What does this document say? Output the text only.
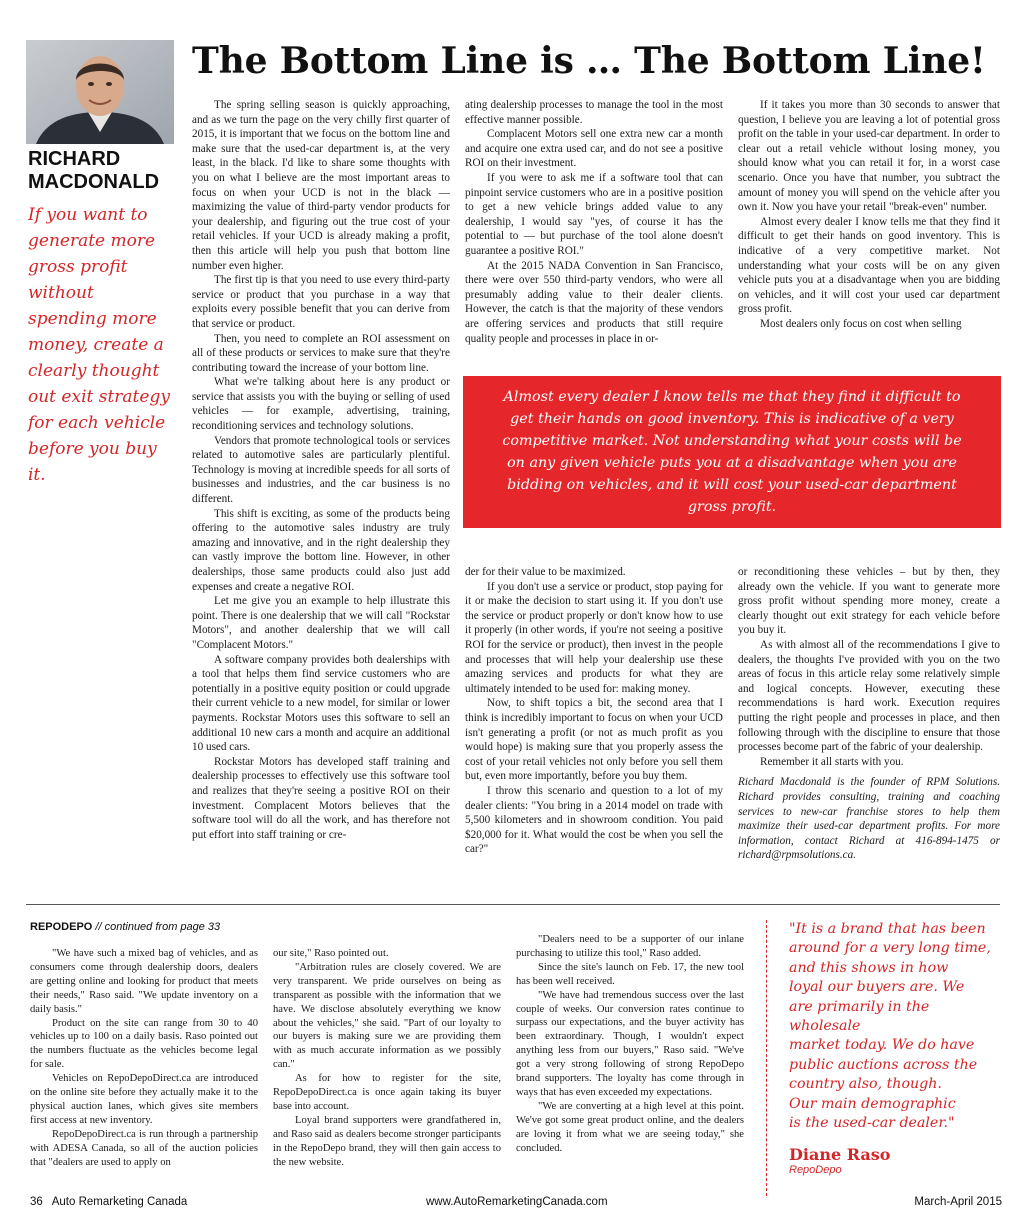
RICHARD MACDONALD
If you want to generate more gross profit without spending more money, create a clearly thought out exit strategy for each vehicle before you buy it.
The Bottom Line is … The Bottom Line!

The spring selling season is quickly approaching, and as we turn the page on the very chilly first quarter of 2015, it is important that we focus on the bottom line and make sure that the used-car department is, at the very least, in the black. I'd like to share some thoughts with you on what I believe are the most important areas to focus on when your UCD is not in the black — maximizing the value of third-party vendor products for your dealership, and figuring out the true cost of your retail vehicles. If your UCD is already making a profit, then this article will help you push that bottom line number even higher.

The first tip is that you need to use every third-party service or product that you purchase in a way that exploits every possible benefit that you can derive from that service or product.

Then, you need to complete an ROI assessment on all of these products or services to make sure that they're contributing toward the increase of your bottom line.

What we're talking about here is any product or service that assists you with the buying or selling of used vehicles — for example, advertising, training, reconditioning services and technology solutions.

Vendors that promote technological tools or services related to automotive sales are particularly plentiful. Technology is moving at incredible speeds for all sorts of businesses and industries, and the car business is no different.

This shift is exciting, as some of the products being offering to the automotive sales industry are truly amazing and innovative, and in the right dealership they can vastly improve the bottom line. However, in other dealerships, those same products could also just add expenses and create a negative ROI.

Let me give you an example to help illustrate this point. There is one dealership that we will call "Rockstar Motors", and another dealership that we will call "Complacent Motors."

A software company provides both dealerships with a tool that helps them find service customers who are potentially in a positive equity position or could upgrade their current vehicle to a new model, for similar or lower payments. Rockstar Motors uses this software to sell an additional 10 new cars a month and acquire an additional 10 used cars.

Rockstar Motors has developed staff training and dealership processes to effectively use this software tool and realizes that they're seeing a positive ROI on their investment. Complacent Motors believes that the software tool will do all the work, and has therefore not put effort into staff training or cre-

ating dealership processes to manage the tool in the most effective manner possible.

Complacent Motors sell one extra new car a month and acquire one extra used car, and do not see a positive ROI on their investment.

If you were to ask me if a software tool that can pinpoint service customers who are in a positive position to get a new vehicle brings added value to any dealership, I would say "yes, of course it has the potential to — but purchase of the tool alone doesn't guarantee a positive ROI."

At the 2015 NADA Convention in San Francisco, there were over 550 third-party vendors, who were all presumably adding value to their dealer clients. However, the catch is that the majority of these vendors are offering services and products that still require quality people and processes in place in or-

If it takes you more than 30 seconds to answer that question, I believe you are leaving a lot of potential gross profit on the table in your used-car department. In order to clear out a retail vehicle without losing money, you should know what you can retail it for, in a worst case scenario. Once you have that number, you subtract the amount of money you will spend on the vehicle after you own it. Now you have your retail "break-even" number.

Almost every dealer I know tells me that they find it difficult to get their hands on good inventory. This is indicative of a very competitive market. Not understanding what your costs will be on any given vehicle puts you at a disadvantage when you are bidding on vehicles, and it will cost your used car department gross profit.

Most dealers only focus on cost when selling

Almost every dealer I know tells me that they find it difficult to get their hands on good inventory. This is indicative of a very competitive market. Not understanding what your costs will be on any given vehicle puts you at a disadvantage when you are bidding on vehicles, and it will cost your used-car department gross profit.

der for their value to be maximized.

If you don't use a service or product, stop paying for it or make the decision to start using it. If you don't use the service or product properly or don't know how to use it properly (in other words, if you're not seeing a positive ROI for the service or product), then invest in the people and processes that will help your dealership use these amazing services and products for what they are ultimately intended to be used for: making money.

Now, to shift topics a bit, the second area that I think is incredibly important to focus on when your UCD isn't generating a profit (or not as much profit as you would hope) is making sure that you properly assess the cost of your retail vehicles not only before you sell them but, even more importantly, before you buy them.

I throw this scenario and question to a lot of my dealer clients: "You bring in a 2014 model on trade with 5,500 kilometers and in showroom condition. You paid $20,000 for it. What would the cost be when you sell the car?"

or reconditioning these vehicles – but by then, they already own the vehicle. If you want to generate more gross profit without spending more money, create a clearly thought out exit strategy for each vehicle before you buy it.

As with almost all of the recommendations I give to dealers, the thoughts I've provided with you on the two areas of focus in this article relay some relatively simple and logical concepts. However, executing these recommendations is hard work. Execution requires putting the right people and processes in place, and then following through with the discipline to ensure that those processes become part of the fabric of your dealership.

Remember it all starts with you.

Richard Macdonald is the founder of RPM Solutions. Richard provides consulting, training and coaching services to new-car franchise stores to help them maximize their used-car department profits. For more information, contact Richard at 416-894-1475 or richard@rpmsolutions.ca.

REPODEPO // continued from page 33

"We have such a mixed bag of vehicles, and as consumers come through dealership doors, dealers are getting online and looking for product that meets their needs," Raso said. "We update inventory on a daily basis."

Product on the site can range from 30 to 40 vehicles up to 100 on a daily basis. Raso pointed out the numbers fluctuate as the vehicles become legal for sale.

Vehicles on RepoDepoDirect.ca are introduced on the online site before they actually make it to the physical auction lanes, which gives site members first access at new inventory.

RepoDepoDirect.ca is run through a partnership with ADESA Canada, so all of the auction policies that "dealers are used to apply on

our site," Raso pointed out.

"Arbitration rules are closely covered. We are very transparent. We pride ourselves on being as transparent as possible with the information that we have. We disclose absolutely everything we know about the vehicles," she said. "Part of our loyalty to our buyers is making sure we are providing them with as much accurate information as we possibly can."

As for how to register for the site, RepoDepoDirect.ca is once again taking its buyer base into account.

Loyal brand supporters were grandfathered in, and Raso said as dealers become stronger participants in the RepoDepo brand, they will then gain access to the new website.

"Dealers need to be a supporter of our inlane purchasing to utilize this tool," Raso added.

Since the site's launch on Feb. 17, the new tool has been well received.

"We have had tremendous success over the last couple of weeks. Our conversion rates continue to surpass our expectations, and the buyer activity has been extraordinary. Though, I wouldn't expect anything less from our buyers," Raso said. "We've got a very strong following of strong RepoDepo brand supporters. The loyalty has come through in ways that has even exceeded my expectations.

"We are converting at a high level at this point. We've got some great product online, and the dealers are loving it from what we are seeing today," she concluded.

"It is a brand that has been
around for a very long time,
and this shows in how
loyal our buyers are. We
are primarily in the wholesale
market today. We do have
public auctions across the
country also, though.
Our main demographic
is the used-car dealer."
Diane Raso
RepoDepo
36   Auto Remarketing Canada	www.AutoRemarketingCanada.com	March-April 2015
